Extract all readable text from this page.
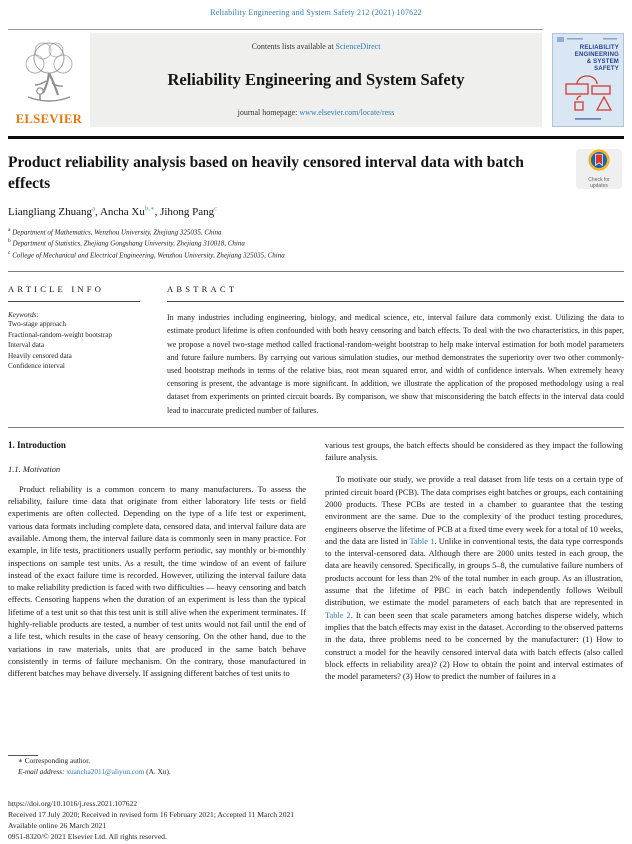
Reliability Engineering and System Safety 212 (2021) 107622
ELSEVIER
Contents lists available at ScienceDirect
Reliability Engineering and System Safety
journal homepage: www.elsevier.com/locate/ress
RELIABILITY
ENGINEERING
& SYSTEM
SAFETY
Product reliability analysis based on heavily censored interval data with batch effects	Check for updates
Liangliang Zhuang$^a$, Ancha $Xu^{b,∗}$, Jihong Pang$^c$
$^a$ Department of Mathematics, Wenzhou University, Zhejiang 325035, China
$^b$ Department of Statistics, Zhejiang Gongshang University, Zhejiang 310018, China
$^c$ College of Mechanical and Electrical Engineering, Wenzhou University, Zhejiang 325035, China
ARTICLE INFO
Keywords:
Two-stage approach
Fractional-random-weight bootstrap
Interval data
Heavily censored data
Confidence interval
ABSTRACT

In many industries including engineering, biology, and medical science, etc, interval failure data commonly exist. Utilizing the data to estimate product lifetime is often confounded with both heavy censoring and batch effects. To deal with the two characteristics, in this paper, we propose a novel two-stage method called fractional-random-weight bootstrap to help make interval estimation for both model parameters and future failure numbers. By carrying out various simulation studies, our method demonstrates the superiority over two other commonly-used bootstrap methods in terms of the relative bias, root mean squared error, and width of confidence intervals. When extremely heavy censoring is present, the advantage is more significant. In addition, we illustrate the application of the proposed methodology using a real dataset from experiments on printed circuit boards. By comparison, we show that misconsidering the batch effects in the interval data could lead to inaccurate predicted number of failures.

1. Introduction
1.1. Motivation

Product reliability is a common concern to many manufacturers. To assess the reliability, failure time data that originate from either laboratory life tests or field experiments are often collected. Depending on the type of a life test or experiment, various data formats including complete data, censored data, and interval failure data are available. Among them, the interval failure data is commonly seen in many practice. For example, in life tests, practitioners usually perform periodic, say monthly or bi-monthly inspections on sample test units. As a result, the time window of an event of failure instead of the exact failure time is recorded. However, utilizing the interval failure data to make reliability prediction is faced with two difficulties — heavy censoring and batch effects. Censoring happens when the duration of an experiment is less than the typical lifetime of a test unit so that this test unit is still alive when the experiment terminates. If highly-reliable products are tested, a number of test units would not fail until the end of a life test, which results in the case of heavy censoring. On the other hand, due to the variations in raw materials, units that are produced in the same batch behave consistently in terms of failure mechanism. On the contrary, those manufactured in different batches may behave diversely. If assigning different batches of test units to

various test groups, the batch effects should be considered as they impact the following failure analysis.

To motivate our study, we provide a real dataset from life tests on a certain type of printed circuit board (PCB). The data comprises eight batches or groups, each containing 2000 products. These PCBs are tested in a chamber to guarantee that the testing environment are the same. Due to the complexity of the product testing procedures, engineers observe the lifetime of PCB at a fixed time every week for a total of 10 weeks, and the data are listed in Table 1. Unlike in conventional tests, the data type corresponds to the interval-censored data. Although there are 2000 units tested in each group, the data are heavily censored. Specifically, in groups 5–8, the cumulative failure numbers of products account for less than 2% of the total number in each group. As an illustration, assume that the lifetime of PBC in each batch independently follows Weibull distribution, we estimate the model parameters of each batch that are represented in Table 2. It can been seen that scale parameters among batches disperse widely, which implies that the batch effects may exist in the dataset. According to the observed patterns in the data, three problems need to be concerned by the manufacturer: (1) How to construct a model for the heavily censored interval data with batch effects (also called block effects in reliability area)? (2) How to obtain the point and interval estimates of the model parameters? (3) How to predict the number of failures in a

∗ Corresponding author.
E-mail address: xuancha2011@aliyun.com (A. Xu).
https://doi.org/10.1016/j.ress.2021.107622
Received 17 July 2020; Received in revised form 16 February 2021; Accepted 11 March 2021
Available online 26 March 2021
0951-8320/© 2021 Elsevier Ltd. All rights reserved.
